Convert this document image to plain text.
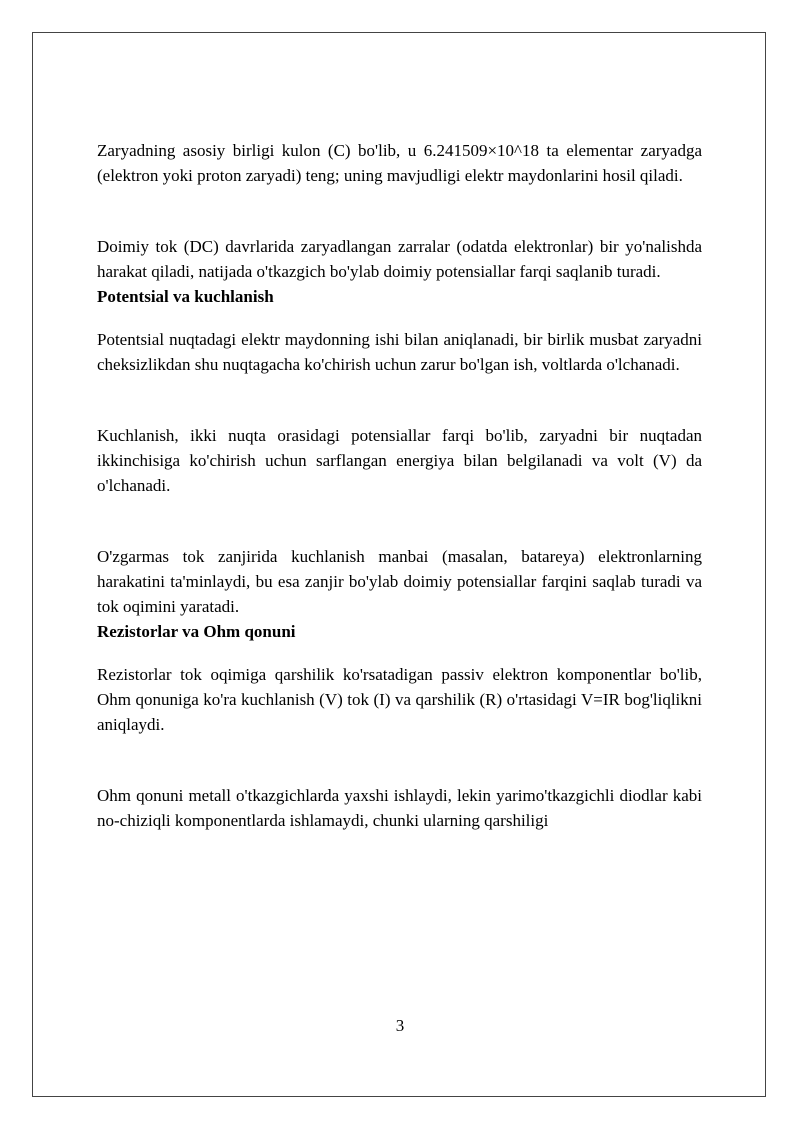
Zaryadning asosiy birligi kulon (C) bo'lib, u 6.241509×10^18 ta elementar zaryadga (elektron yoki proton zaryadi) teng; uning mavjudligi elektr maydonlarini hosil qiladi.

Doimiy tok (DC) davrlarida zaryadlangan zarralar (odatda elektronlar) bir yo'nalishda harakat qiladi, natijada o'tkazgich bo'ylab doimiy potensiallar farqi saqlanib turadi.

Potentsial va kuchlanish

Potentsial nuqtadagi elektr maydonning ishi bilan aniqlanadi, bir birlik musbat zaryadni cheksizlikdan shu nuqtagacha ko'chirish uchun zarur bo'lgan ish, voltlarda o'lchanadi.

Kuchlanish, ikki nuqta orasidagi potensiallar farqi bo'lib, zaryadni bir nuqtadan ikkinchisiga ko'chirish uchun sarflangan energiya bilan belgilanadi va volt (V) da o'lchanadi.

O'zgarmas tok zanjirida kuchlanish manbai (masalan, batareya) elektronlarning harakatini ta'minlaydi, bu esa zanjir bo'ylab doimiy potensiallar farqini saqlab turadi va tok oqimini yaratadi.

Rezistorlar va Ohm qonuni

Rezistorlar tok oqimiga qarshilik ko'rsatadigan passiv elektron komponentlar bo'lib, Ohm qonuniga ko'ra kuchlanish (V) tok (I) va qarshilik (R) o'rtasidagi V=IR bog'liqlikni aniqlaydi.

Ohm qonuni metall o'tkazgichlarda yaxshi ishlaydi, lekin yarimo'tkazgichli diodlar kabi no-chiziqli komponentlarda ishlamaydi, chunki ularning qarshiligi

3
